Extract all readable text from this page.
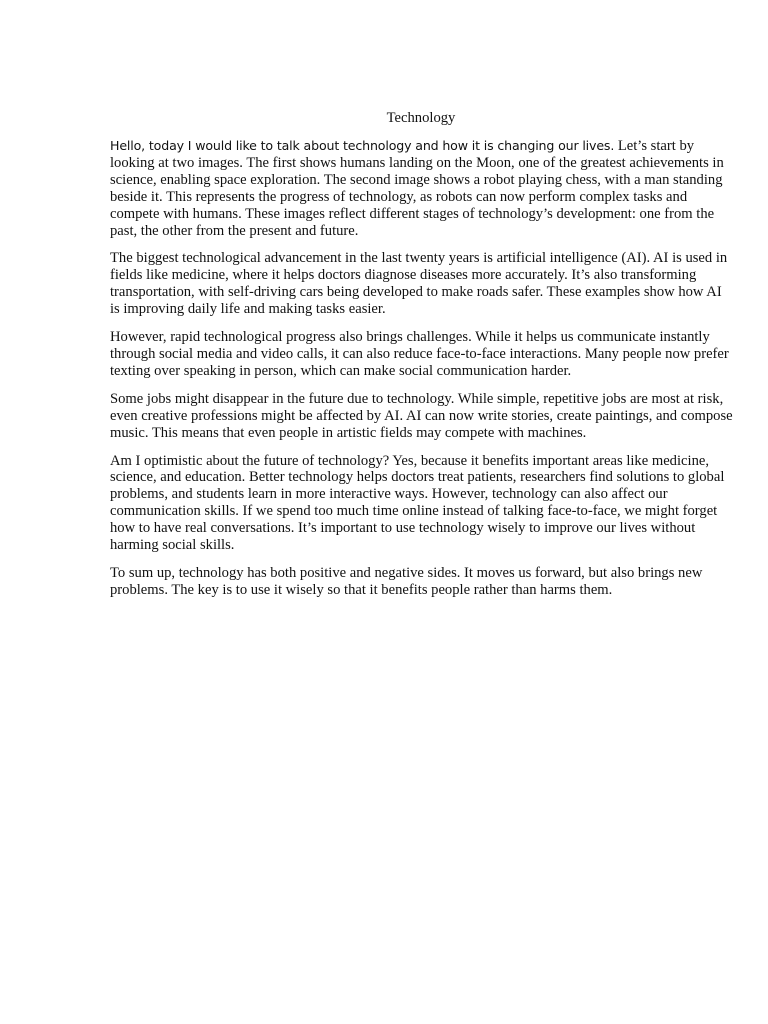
Technology

Hello, today I would like to talk about technology and how it is changing our lives. Let’s start by looking at two images. The first shows humans landing on the Moon, one of the greatest achievements in science, enabling space exploration. The second image shows a robot playing chess, with a man standing beside it. This represents the progress of technology, as robots can now perform complex tasks and compete with humans. These images reflect different stages of technology’s development: one from the past, the other from the present and future.

The biggest technological advancement in the last twenty years is artificial intelligence (AI). AI is used in fields like medicine, where it helps doctors diagnose diseases more accurately. It’s also transforming transportation, with self-driving cars being developed to make roads safer. These examples show how AI is improving daily life and making tasks easier.

However, rapid technological progress also brings challenges. While it helps us communicate instantly through social media and video calls, it can also reduce face-to-face interactions. Many people now prefer texting over speaking in person, which can make social communication harder.

Some jobs might disappear in the future due to technology. While simple, repetitive jobs are most at risk, even creative professions might be affected by AI. AI can now write stories, create paintings, and compose music. This means that even people in artistic fields may compete with machines.

Am I optimistic about the future of technology? Yes, because it benefits important areas like medicine, science, and education. Better technology helps doctors treat patients, researchers find solutions to global problems, and students learn in more interactive ways. However, technology can also affect our communication skills. If we spend too much time online instead of talking face-to-face, we might forget how to have real conversations. It’s important to use technology wisely to improve our lives without harming social skills.

To sum up, technology has both positive and negative sides. It moves us forward, but also brings new problems. The key is to use it wisely so that it benefits people rather than harms them.
